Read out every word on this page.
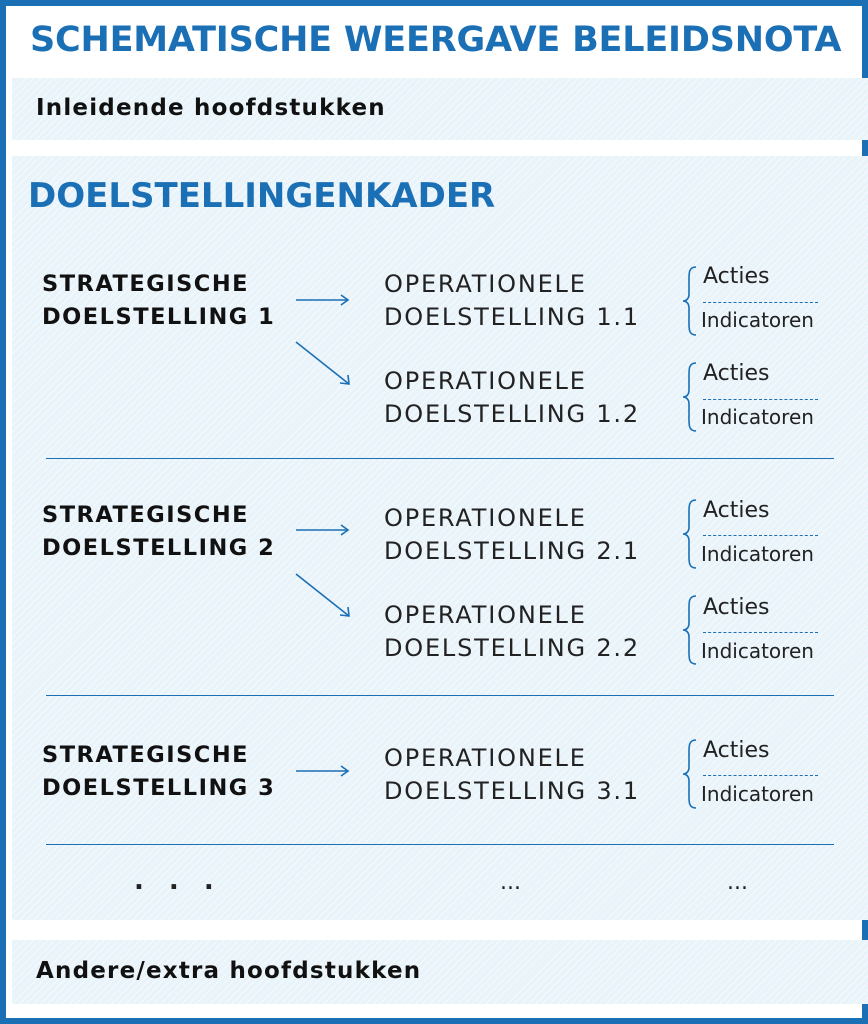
SCHEMATISCHE WEERGAVE BELEIDSNOTA

Inleidende hoofdstukken

DOELSTELLINGENKADER
STRATEGISCHE
DOELSTELLING 1
OPERATIONELE
DOELSTELLING 1.1
Acties
Indicatoren
OPERATIONELE
DOELSTELLING 1.2
Acties
Indicatoren
STRATEGISCHE
DOELSTELLING 2
OPERATIONELE
DOELSTELLING 2.1
Acties
Indicatoren
OPERATIONELE
DOELSTELLING 2.2
Acties
Indicatoren
STRATEGISCHE
DOELSTELLING 3
OPERATIONELE
DOELSTELLING 3.1
Acties
Indicatoren
. . .	...	...

Andere/extra hoofdstukken
